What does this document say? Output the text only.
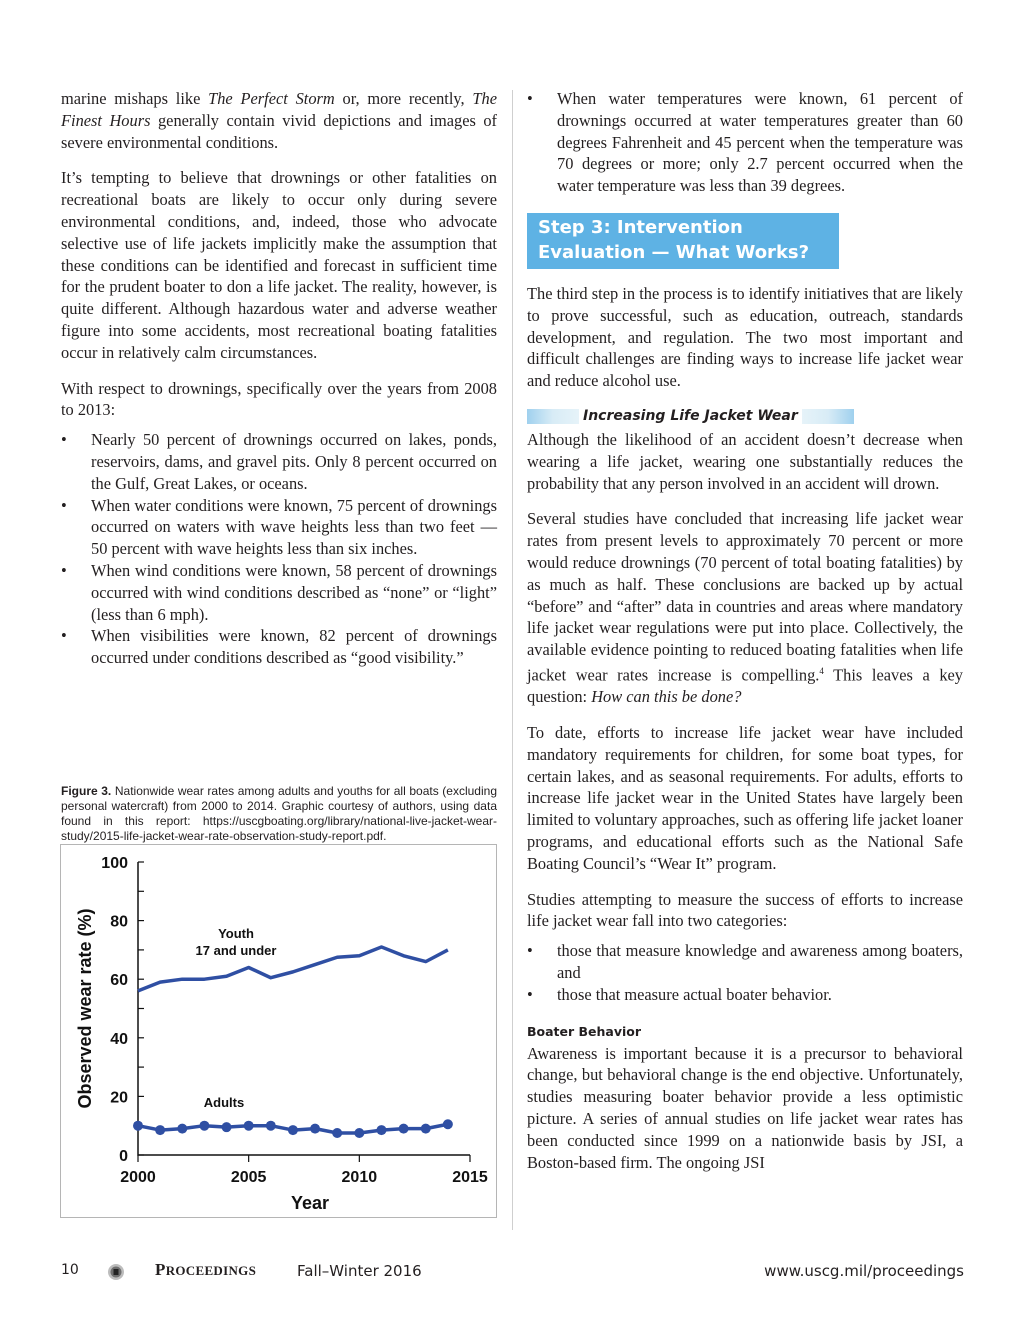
marine mishaps like The Perfect Storm or, more recently, The Finest Hours generally contain vivid depictions and images of severe environmental conditions.

It’s tempting to believe that drownings or other fatalities on recreational boats are likely to occur only during severe environmental conditions, and, indeed, those who advocate selective use of life jackets implicitly make the assumption that these conditions can be identified and forecast in sufficient time for the prudent boater to don a life jacket. The reality, however, is quite different. Although hazardous water and adverse weather figure into some accidents, most recreational boating fatalities occur in relatively calm circumstances.

With respect to drownings, specifically over the years from 2008 to 2013:

• Nearly 50 percent of drownings occurred on lakes, ponds, reservoirs, dams, and gravel pits. Only 8 percent occurred on the Gulf, Great Lakes, or oceans.
• When water conditions were known, 75 percent of drownings occurred on waters with wave heights less than two feet — 50 percent with wave heights less than six inches.
• When wind conditions were known, 58 percent of drownings occurred with wind conditions described as “none” or “light” (less than 6 mph).
• When visibilities were known, 82 percent of drownings occurred under conditions described as “good visibility.”
Figure 3. Nationwide wear rates among adults and youths for all boats (excluding personal watercraft) from 2000 to 2014. Graphic courtesy of authors, using data found in this report: https://uscgboating.org/library/national-live-jacket-wear-study/2015-life-jacket-wear-rate-observation-study-report.pdf.
0
20
40
60
80
100
2000	2005	2010	2015
Year
Observed wear rate (%)	Youth
17 and under
Adults
• When water temperatures were known, 61 percent of drownings occurred at water temperatures greater than 60 degrees Fahrenheit and 45 percent when the temperature was 70 degrees or more; only 2.7 percent occurred when the water temperature was less than 39 degrees.
Step 3: Intervention Evaluation — What Works?

The third step in the process is to identify initiatives that are likely to prove successful, such as education, outreach, standards development, and regulation. The two most important and difficult challenges are finding ways to increase life jacket wear and reduce alcohol use.

Increasing Life Jacket Wear

Although the likelihood of an accident doesn’t decrease when wearing a life jacket, wearing one substantially reduces the probability that any person involved in an accident will drown.

Several studies have concluded that increasing life jacket wear rates from present levels to approximately 70 percent or more would reduce drownings (70 percent of total boating fatalities) by as much as half. These conclusions are backed up by actual “before” and “after” data in countries and areas where mandatory life jacket wear regulations were put into place. Collectively, the available evidence pointing to reduced boating fatalities when life jacket wear rates increase is compelling.$^4$ This leaves a key question: How can this be done?

To date, efforts to increase life jacket wear have included mandatory requirements for children, for some boat types, for certain lakes, and as seasonal requirements. For adults, efforts to increase life jacket wear in the United States have largely been limited to voluntary approaches, such as offering life jacket loaner programs, and educational efforts such as the National Safe Boating Council’s “Wear It” program.

Studies attempting to measure the success of efforts to increase life jacket wear fall into two categories:

• those that measure knowledge and awareness among boaters, and
• those that measure actual boater behavior.
Boater Behavior

Awareness is important because it is a precursor to behavioral change, but behavioral change is the end objective. Unfortunately, studies measuring boater behavior provide a less optimistic picture. A series of annual studies on life jacket wear rates has been conducted since 1999 on a nationwide basis by JSI, a Boston-based firm. The ongoing JSI

10	PROCEEDINGS	Fall–Winter 2016	www.uscg.mil/proceedings
